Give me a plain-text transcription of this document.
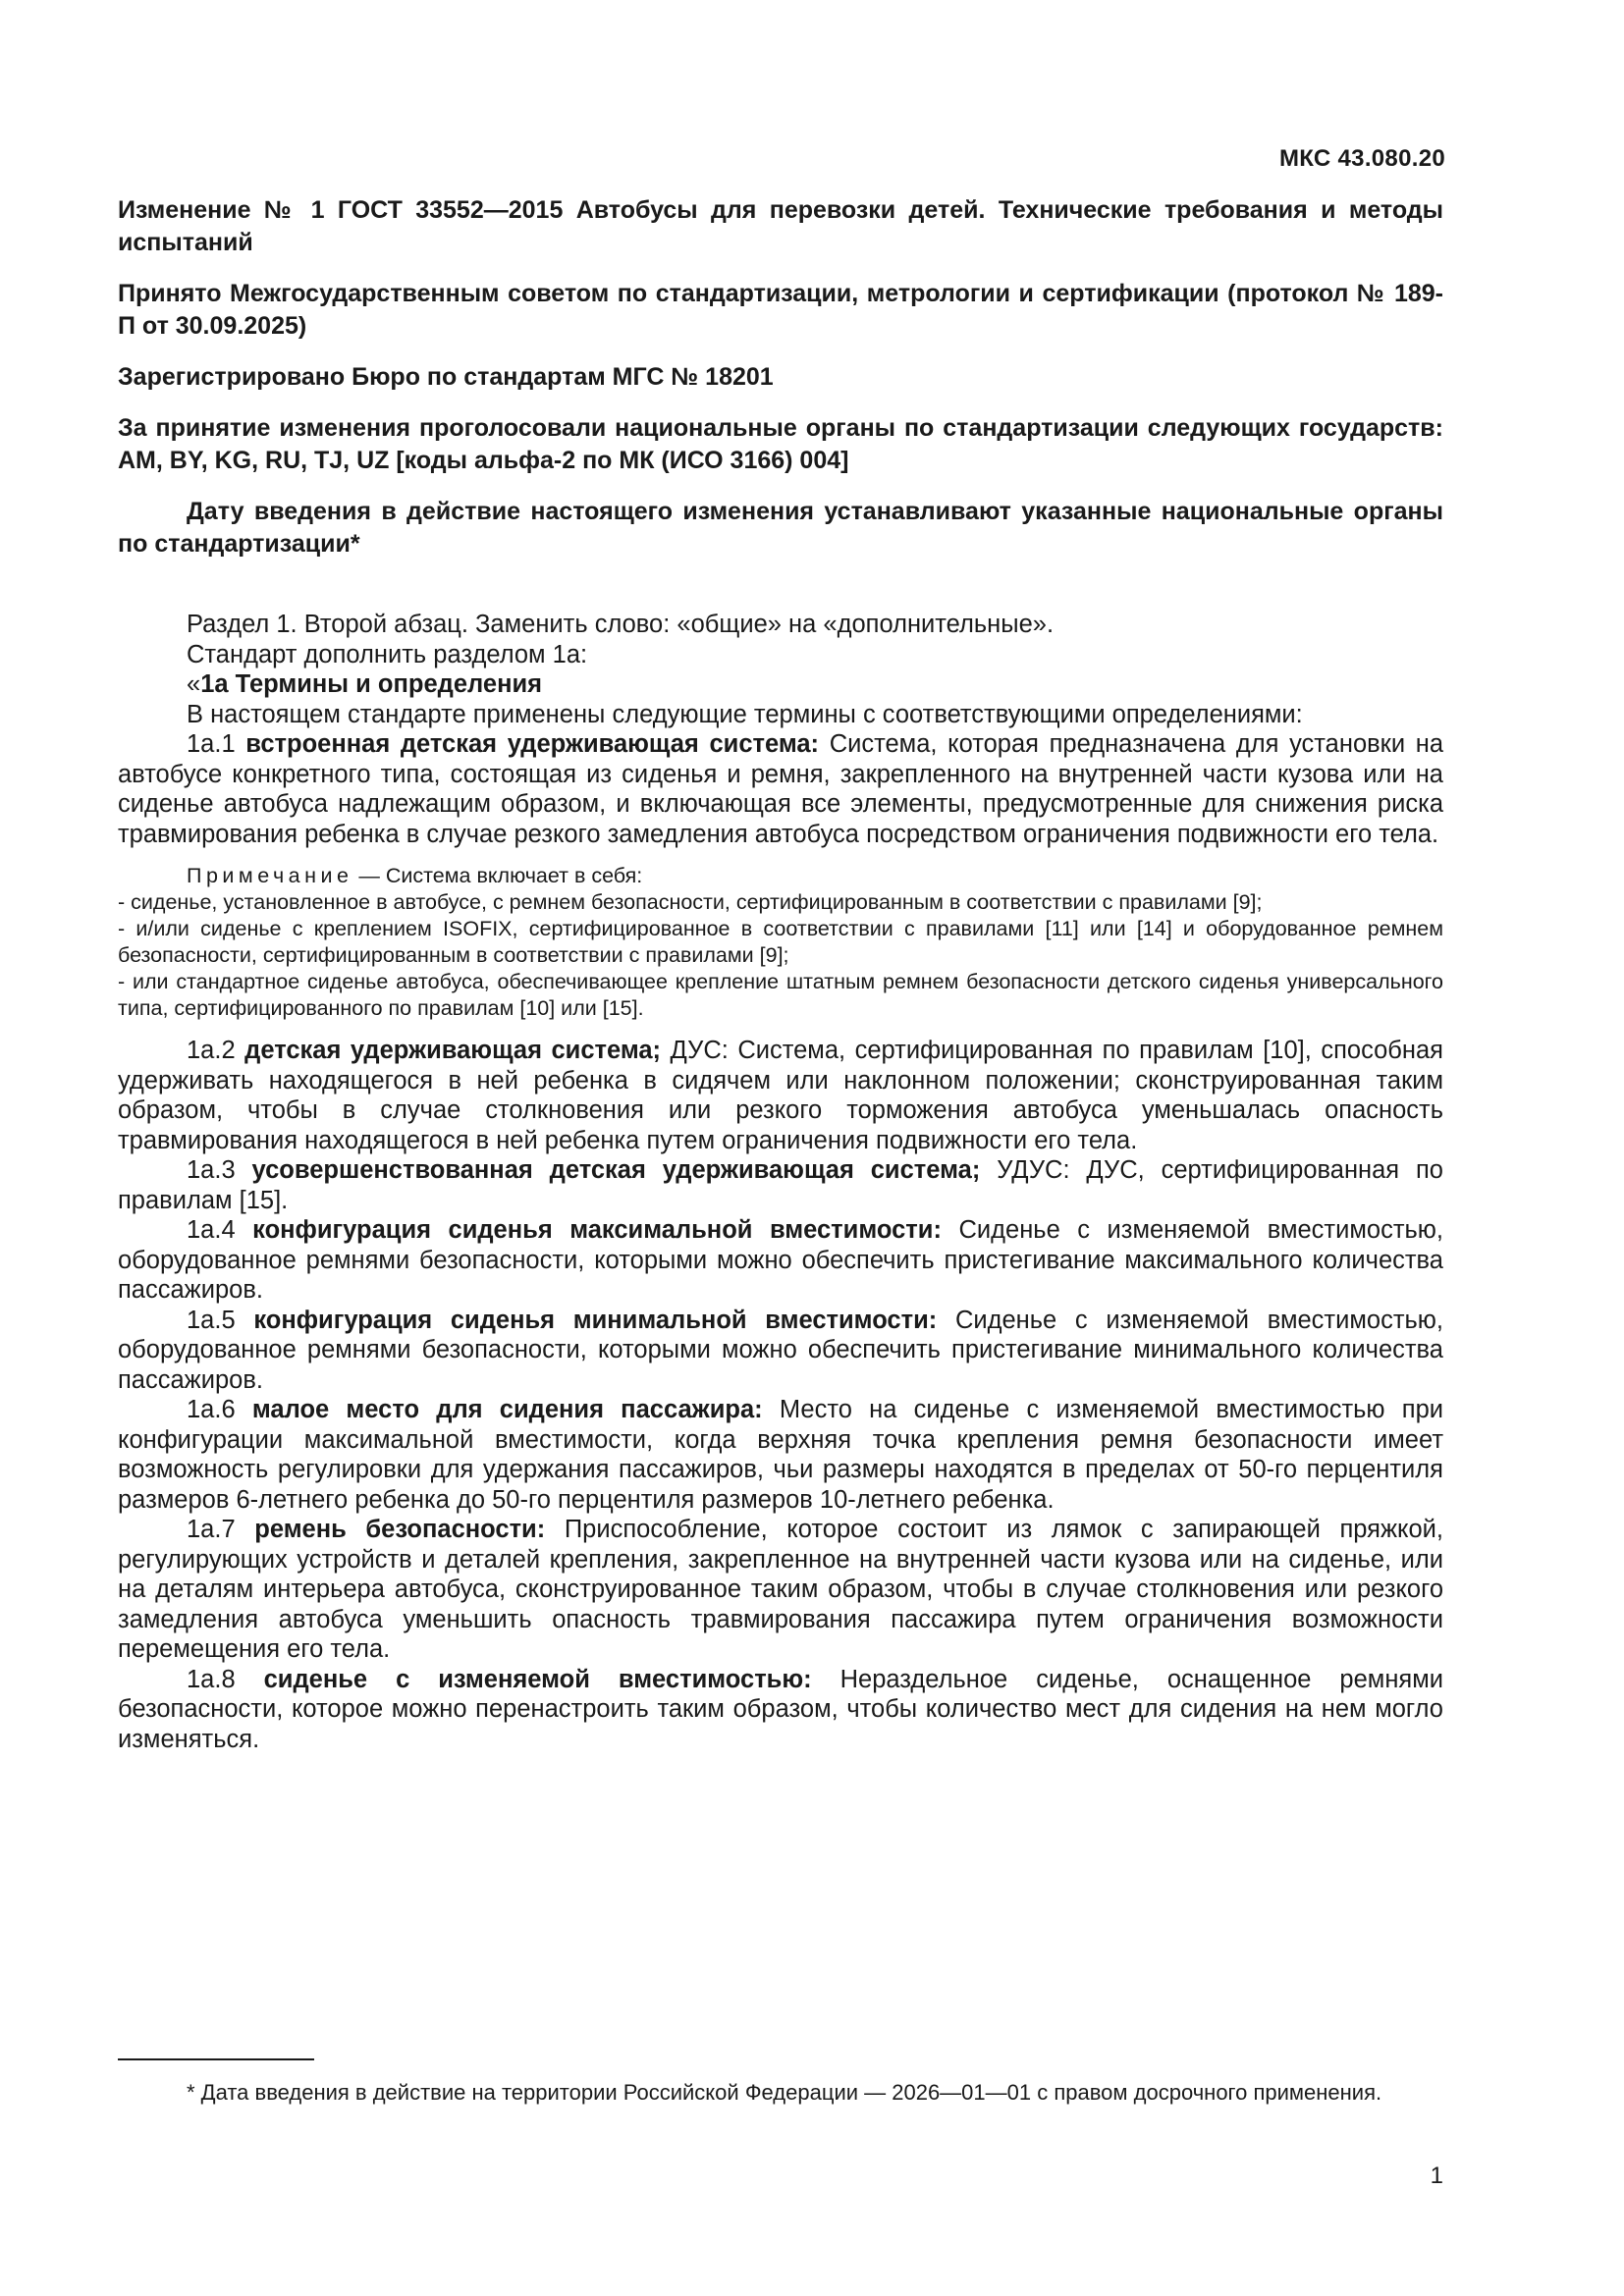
МКС 43.080.20
Изменение № 1 ГОСТ 33552—2015 Автобусы для перевозки детей. Технические требования и методы испытаний
Принято Межгосударственным советом по стандартизации, метрологии и сертификации (протокол № 189-П от 30.09.2025)
Зарегистрировано Бюро по стандартам МГС № 18201
За принятие изменения проголосовали национальные органы по стандартизации следующих государств: AM, BY, KG, RU, TJ, UZ [коды альфа-2 по МК (ИСО 3166) 004]
Дату введения в действие настоящего изменения устанавливают указанные национальные органы по стандартизации*

Раздел 1. Второй абзац. Заменить слово: «общие» на «дополнительные».

Стандарт дополнить разделом 1а:

«1а Термины и определения

В настоящем стандарте применены следующие термины с соответствующими определениями:

1а.1 встроенная детская удерживающая система: Система, которая предназначена для установки на автобусе конкретного типа, состоящая из сиденья и ремня, закрепленного на внутренней части кузова или на сиденье автобуса надлежащим образом, и включающая все элементы, предусмотренные для снижения риска травмирования ребенка в случае резкого замедления автобуса посредством ограничения подвижности его тела.

Примечание — Система включает в себя:

- сиденье, установленное в автобусе, с ремнем безопасности, сертифицированным в соответствии с правилами [9];

- и/или сиденье с креплением ISOFIX, сертифицированное в соответствии с правилами [11] или [14] и оборудованное ремнем безопасности, сертифицированным в соответствии с правилами [9];

- или стандартное сиденье автобуса, обеспечивающее крепление штатным ремнем безопасности детского сиденья универсального типа, сертифицированного по правилам [10] или [15].

1а.2 детская удерживающая система; ДУС: Система, сертифицированная по правилам [10], способная удерживать находящегося в ней ребенка в сидячем или наклонном положении; сконструированная таким образом, чтобы в случае столкновения или резкого торможения автобуса уменьшалась опасность травмирования находящегося в ней ребенка путем ограничения подвижности его тела.

1а.3 усовершенствованная детская удерживающая система; УДУС: ДУС, сертифицированная по правилам [15].

1а.4 конфигурация сиденья максимальной вместимости: Сиденье с изменяемой вместимостью, оборудованное ремнями безопасности, которыми можно обеспечить пристегивание максимального количества пассажиров.

1а.5 конфигурация сиденья минимальной вместимости: Сиденье с изменяемой вместимостью, оборудованное ремнями безопасности, которыми можно обеспечить пристегивание минимального количества пассажиров.

1а.6 малое место для сидения пассажира: Место на сиденье с изменяемой вместимостью при конфигурации максимальной вместимости, когда верхняя точка крепления ремня безопасности имеет возможность регулировки для удержания пассажиров, чьи размеры находятся в пределах от 50-го перцентиля размеров 6-летнего ребенка до 50-го перцентиля размеров 10-летнего ребенка.

1а.7 ремень безопасности: Приспособление, которое состоит из лямок с запирающей пряжкой, регулирующих устройств и деталей крепления, закрепленное на внутренней части кузова или на сиденье, или на деталям интерьера автобуса, сконструированное таким образом, чтобы в случае столкновения или резкого замедления автобуса уменьшить опасность травмирования пассажира путем ограничения возможности перемещения его тела.

1а.8 сиденье с изменяемой вместимостью: Нераздельное сиденье, оснащенное ремнями безопасности, которое можно перенастроить таким образом, чтобы количество мест для сидения на нем могло изменяться.

* Дата введения в действие на территории Российской Федерации — 2026—01—01 с правом досрочного применения.
1
